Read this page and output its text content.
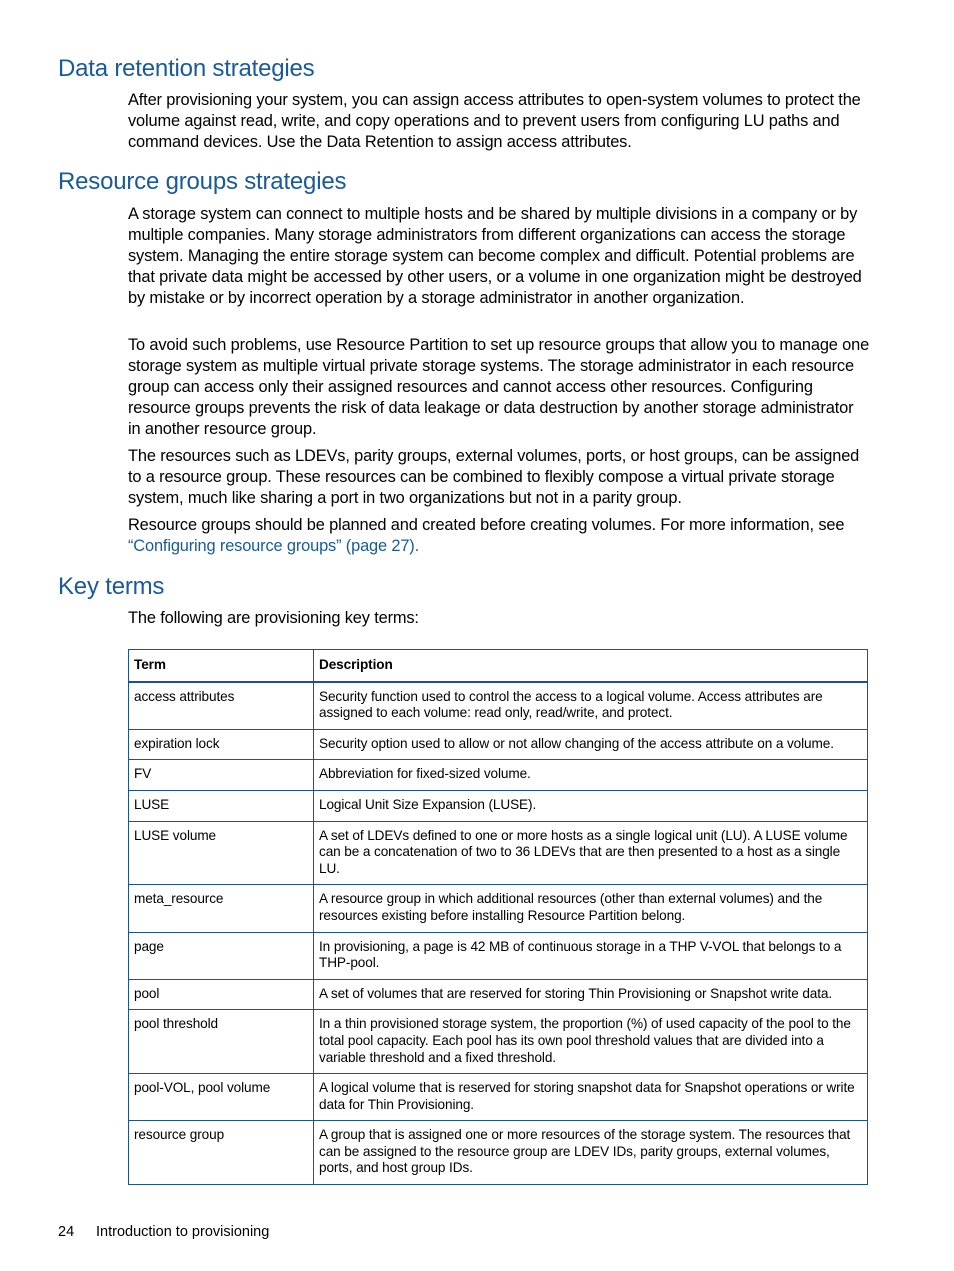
Data retention strategies

After provisioning your system, you can assign access attributes to open-system volumes to protect the volume against read, write, and copy operations and to prevent users from configuring LU paths and command devices. Use the Data Retention to assign access attributes.

Resource groups strategies

A storage system can connect to multiple hosts and be shared by multiple divisions in a company or by multiple companies. Many storage administrators from different organizations can access the storage system. Managing the entire storage system can become complex and difficult. Potential problems are that private data might be accessed by other users, or a volume in one organization might be destroyed by mistake or by incorrect operation by a storage administrator in another organization.

To avoid such problems, use Resource Partition to set up resource groups that allow you to manage one storage system as multiple virtual private storage systems. The storage administrator in each resource group can access only their assigned resources and cannot access other resources. Configuring resource groups prevents the risk of data leakage or data destruction by another storage administrator in another resource group.

The resources such as LDEVs, parity groups, external volumes, ports, or host groups, can be assigned to a resource group. These resources can be combined to flexibly compose a virtual private storage system, much like sharing a port in two organizations but not in a parity group.

Resource groups should be planned and created before creating volumes. For more information, see “Configuring resource groups” (page 27).

Key terms

The following are provisioning key terms:

Term	Description
access attributes	Security function used to control the access to a logical volume. Access attributes are assigned to each volume: read only, read/write, and protect.
expiration lock	Security option used to allow or not allow changing of the access attribute on a volume.
FV	Abbreviation for fixed-sized volume.
LUSE	Logical Unit Size Expansion (LUSE).
LUSE volume	A set of LDEVs defined to one or more hosts as a single logical unit (LU). A LUSE volume can be a concatenation of two to 36 LDEVs that are then presented to a host as a single LU.
meta_resource	A resource group in which additional resources (other than external volumes) and the resources existing before installing Resource Partition belong.
page	In provisioning, a page is 42 MB of continuous storage in a THP V-VOL that belongs to a THP-pool.
pool	A set of volumes that are reserved for storing Thin Provisioning or Snapshot write data.
pool threshold	In a thin provisioned storage system, the proportion (%) of used capacity of the pool to the total pool capacity. Each pool has its own pool threshold values that are divided into a variable threshold and a fixed threshold.
pool-VOL, pool volume	A logical volume that is reserved for storing snapshot data for Snapshot operations or write data for Thin Provisioning.
resource group	A group that is assigned one or more resources of the storage system. The resources that can be assigned to the resource group are LDEV IDs, parity groups, external volumes, ports, and host group IDs.
24 Introduction to provisioning
